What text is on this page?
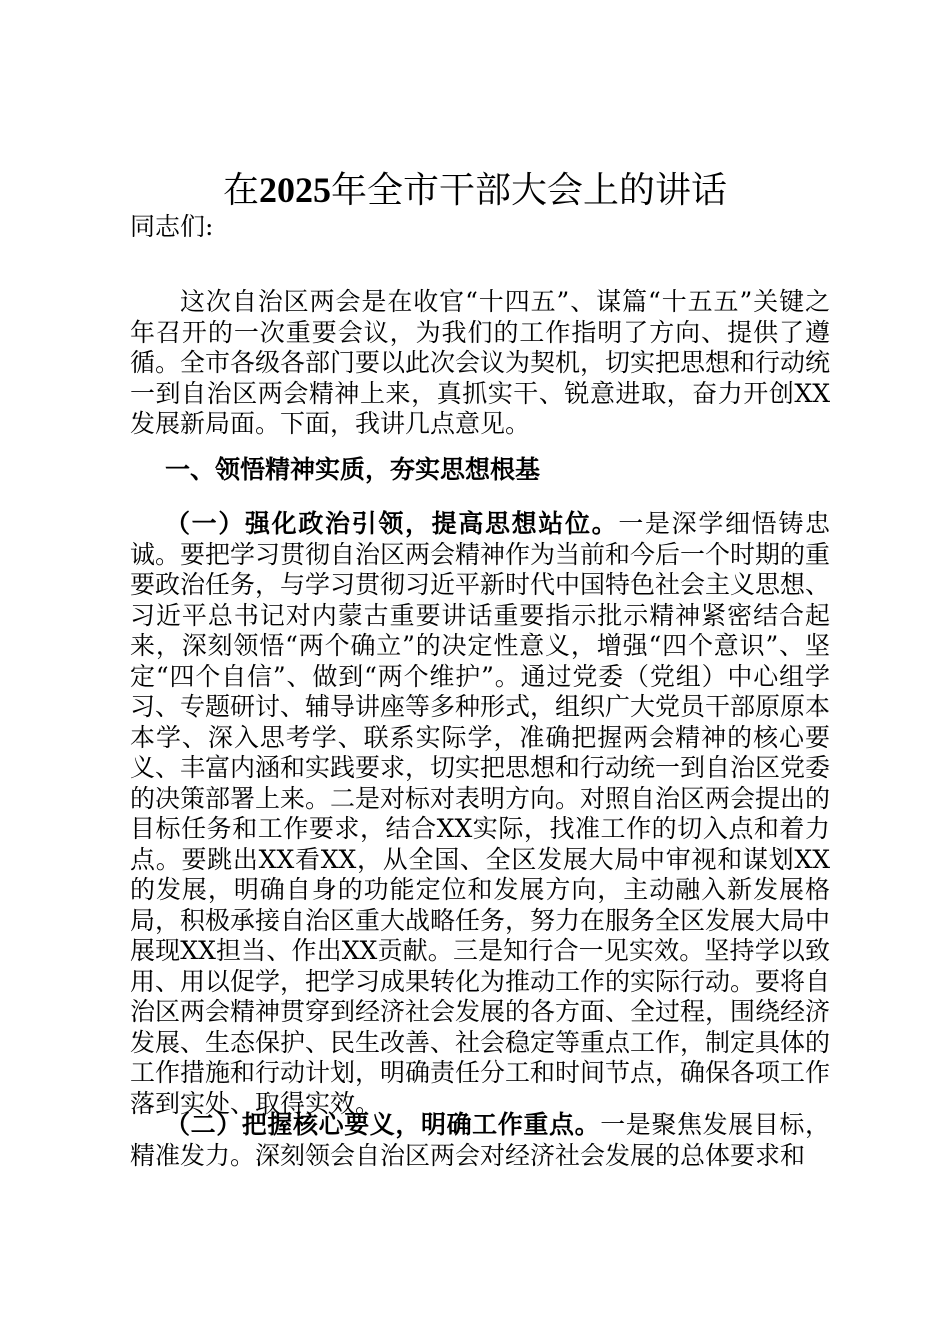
在2025年全市干部大会上的讲话
同志们:
这次自治区两会是在收官“十四五”、谋篇“十五五”关键之年召开的一次重要会议，为我们的工作指明了方向、提供了遵循。全市各级各部门要以此次会议为契机，切实把思想和行动统一到自治区两会精神上来，真抓实干、锐意进取，奋力开创XX发展新局面。下面，我讲几点意见。
一、领悟精神实质，夯实思想根基
（一）强化政治引领，提高思想站位。一是深学细悟铸忠诚。要把学习贯彻自治区两会精神作为当前和今后一个时期的重要政治任务，与学习贯彻习近平新时代中国特色社会主义思想、习近平总书记对内蒙古重要讲话重要指示批示精神紧密结合起来，深刻领悟“两个确立”的决定性意义，增强“四个意识”、坚定“四个自信”、做到“两个维护”。通过党委（党组）中心组学习、专题研讨、辅导讲座等多种形式，组织广大党员干部原原本本学、深入思考学、联系实际学，准确把握两会精神的核心要义、丰富内涵和实践要求，切实把思想和行动统一到自治区党委的决策部署上来。二是对标对表明方向。对照自治区两会提出的目标任务和工作要求，结合XX实际，找准工作的切入点和着力点。要跳出XX看XX，从全国、全区发展大局中审视和谋划XX的发展，明确自身的功能定位和发展方向，主动融入新发展格局，积极承接自治区重大战略任务，努力在服务全区发展大局中展现XX担当、作出XX贡献。三是知行合一见实效。坚持学以致用、用以促学，把学习成果转化为推动工作的实际行动。要将自治区两会精神贯穿到经济社会发展的各方面、全过程，围绕经济发展、生态保护、民生改善、社会稳定等重点工作，制定具体的工作措施和行动计划，明确责任分工和时间节点，确保各项工作落到实处、取得实效。
（二）把握核心要义，明确工作重点。一是聚焦发展目标，精准发力。深刻领会自治区两会对经济社会发展的总体要求和
